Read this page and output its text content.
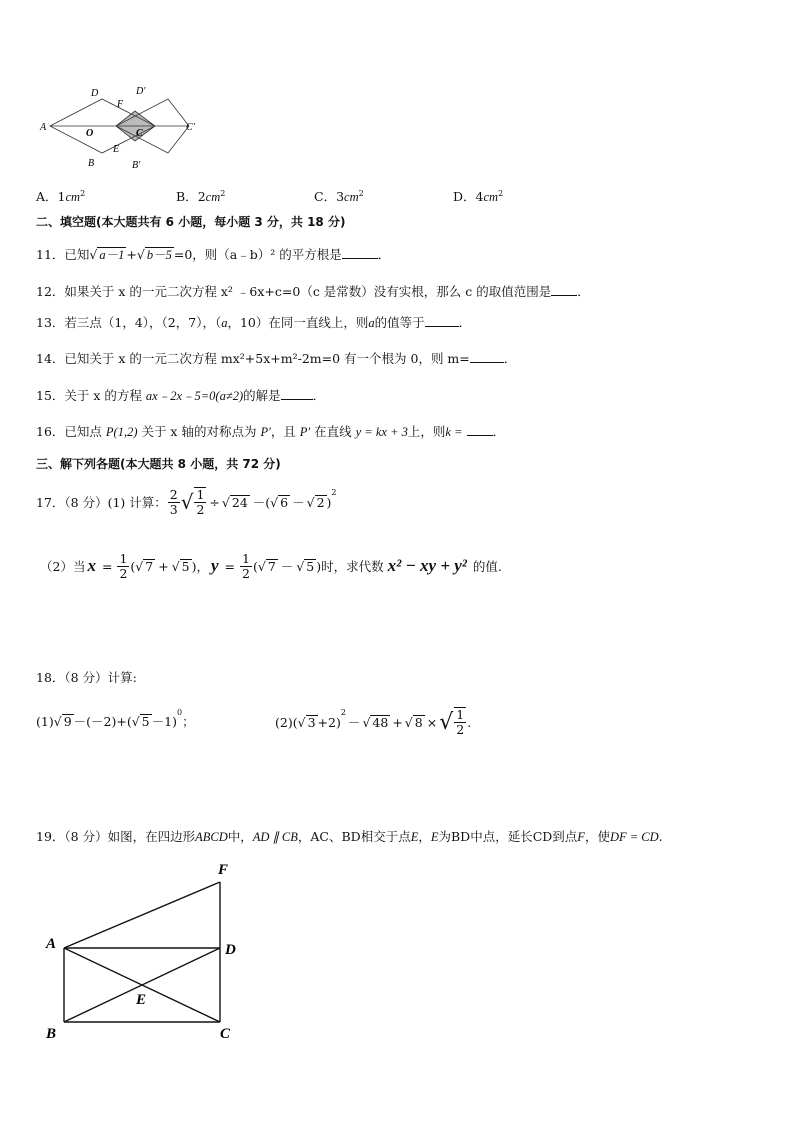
A
D
F
D'
O	C
C'
B
E
B'
A．$1cm^2$	B．$2cm^2$	C．$3cm^2$	D．$4cm^2$
二、填空题(本大题共有 6 小题，每小题 3 分，共 18 分)
11．已知√ a－1 +√ b－5 =0，则（a﹣b）² 的平方根是	．
12．如果关于 x 的一元二次方程 x² ﹣6x+c=0（c 是常数）没有实根，那么 c 的取值范围是 ．
13．若三点（1，4），（2，7），（a，10）在同一直线上，则a的值等于	．
14．已知关于 x 的一元二次方程 mx²+5x+m²-2m=0 有一个根为 0，则 m=	．
15．关于 x 的方程 ax﹣2x﹣5=0(a≠2)的解是	．
16．已知点 P(1,2) 关于 x 轴的对称点为 P′，且 P′ 在直线 y = kx + 3上，则k = ．
三、解下列各题(本大题共 8 小题，共 72 分)
17．（8 分）(1) 计算： $\frac{2}{3}$ √ $\frac{1}{2}$ ÷ √ 24 －( √ 6 － √ 2 )
$^2$
（2）当 $x = \frac{1}{2}$ ( √ 7 + √ 5 )， $y = \frac{1}{2}$ ( √ 7 － √ 5 )时，求代数 x² − xy + y² 的值.
18．（8 分）计算:
(1) √ 9 －(－2)+( √ 5 －1)
$^0$
；	(2)( √ 3 +2)
$^2$
－ √ 48 + √ 8 × √ $\frac{1}{2}$ .
19．（8 分）如图，在四边形ABCD中，AD ∥ CB，AC、BD相交于点E，E为BD中点，延长CD到点F，使DF = CD.
F
A	D
E
B	C
